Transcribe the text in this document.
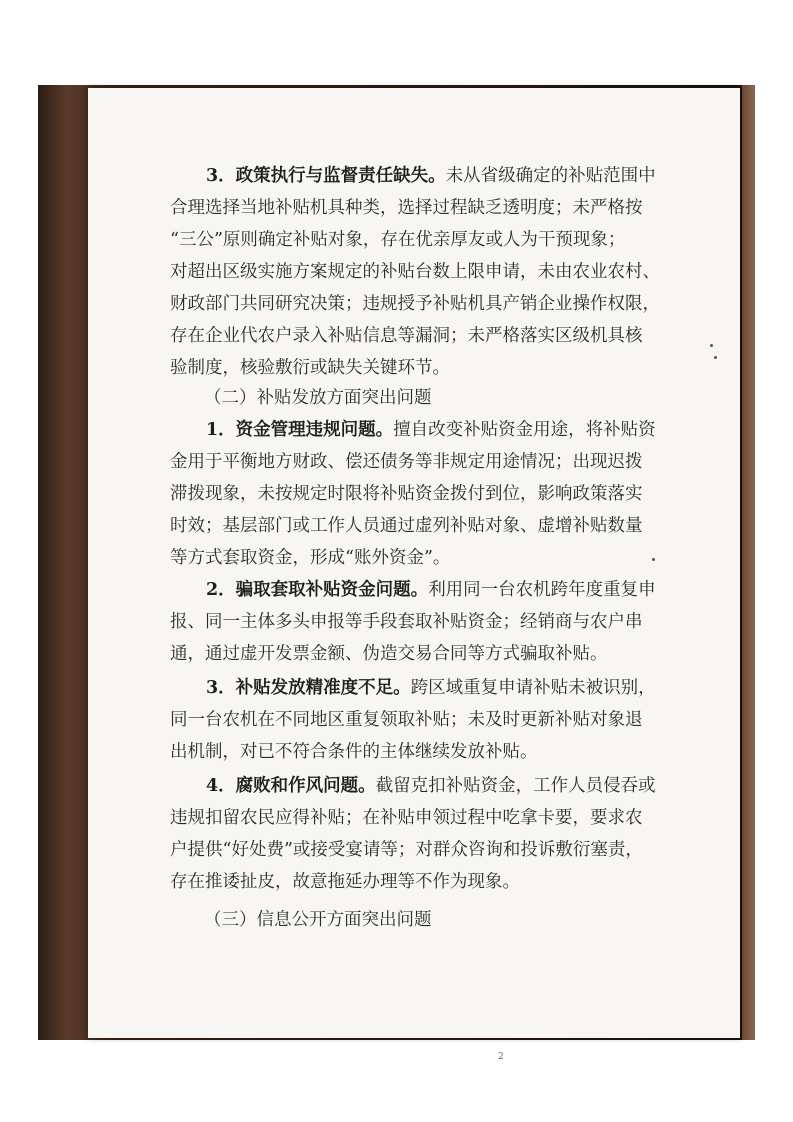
3．政策执行与监督责任缺失。未从省级确定的补贴范围中
合理选择当地补贴机具种类，选择过程缺乏透明度；未严格按
“三公”原则确定补贴对象，存在优亲厚友或人为干预现象；
对超出区级实施方案规定的补贴台数上限申请，未由农业农村、
财政部门共同研究决策；违规授予补贴机具产销企业操作权限，
存在企业代农户录入补贴信息等漏洞；未严格落实区级机具核
验制度，核验敷衍或缺失关键环节。
（二）补贴发放方面突出问题
1．资金管理违规问题。擅自改变补贴资金用途，将补贴资
金用于平衡地方财政、偿还债务等非规定用途情况；出现迟拨
滞拨现象，未按规定时限将补贴资金拨付到位，影响政策落实
时效；基层部门或工作人员通过虚列补贴对象、虚增补贴数量
等方式套取资金，形成“账外资金”。
2．骗取套取补贴资金问题。利用同一台农机跨年度重复申
报、同一主体多头申报等手段套取补贴资金；经销商与农户串
通，通过虚开发票金额、伪造交易合同等方式骗取补贴。
3．补贴发放精准度不足。跨区域重复申请补贴未被识别，
同一台农机在不同地区重复领取补贴；未及时更新补贴对象退
出机制，对已不符合条件的主体继续发放补贴。
4．腐败和作风问题。截留克扣补贴资金，工作人员侵吞或
违规扣留农民应得补贴；在补贴申领过程中吃拿卡要，要求农
户提供“好处费”或接受宴请等；对群众咨询和投诉敷衍塞责，
存在推诿扯皮，故意拖延办理等不作为现象。
（三）信息公开方面突出问题
2
